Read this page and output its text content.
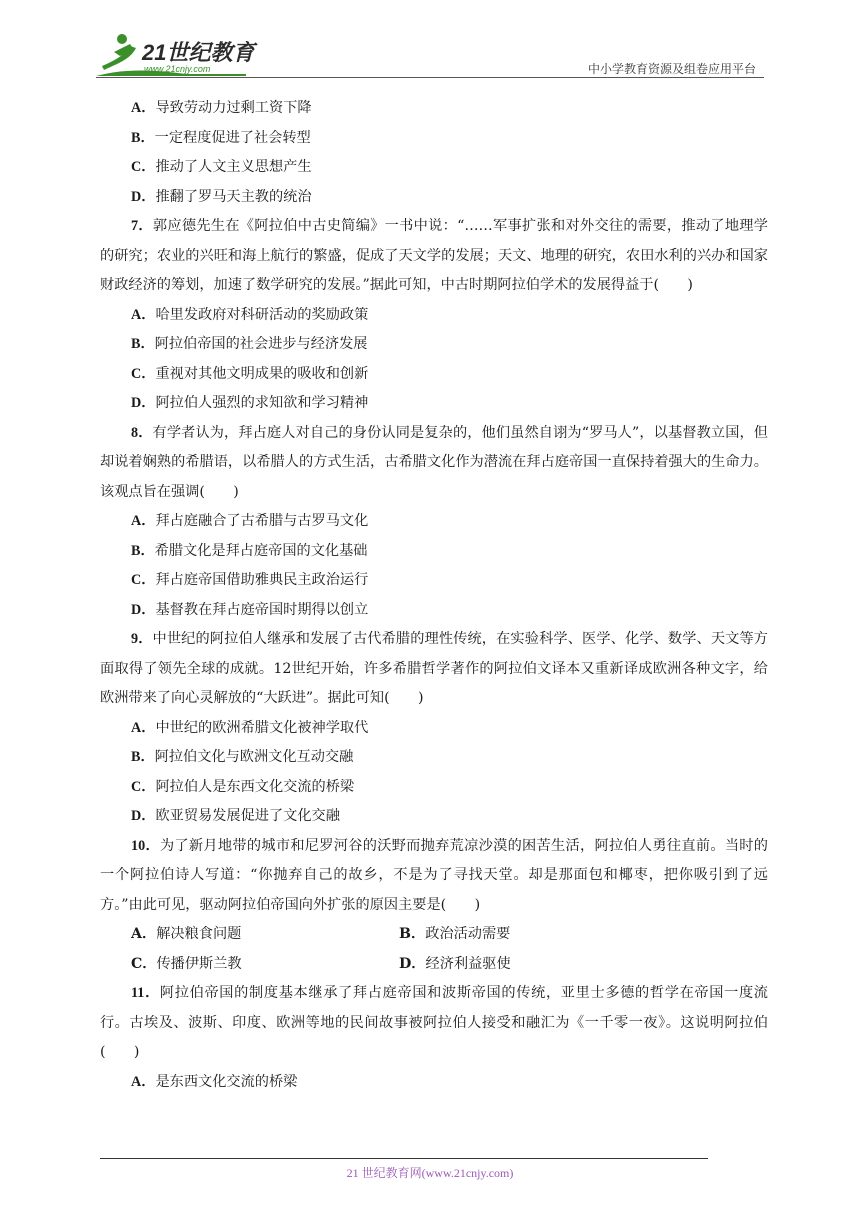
21世纪教育
www.21cnjy.com	中小学教育资源及组卷应用平台
A．导致劳动力过剩工资下降
B．一定程度促进了社会转型
C．推动了人文主义思想产生
D．推翻了罗马天主教的统治

7．郭应德先生在《阿拉伯中古史简编》一书中说：“……军事扩张和对外交往的需要，推动了地理学的研究；农业的兴旺和海上航行的繁盛，促成了天文学的发展；天文、地理的研究，农田水利的兴办和国家财政经济的筹划，加速了数学研究的发展。”据此可知，中古时期阿拉伯学术的发展得益于(　　)

A．哈里发政府对科研活动的奖励政策
B．阿拉伯帝国的社会进步与经济发展
C．重视对其他文明成果的吸收和创新
D．阿拉伯人强烈的求知欲和学习精神

8．有学者认为，拜占庭人对自己的身份认同是复杂的，他们虽然自诩为“罗马人”，以基督教立国，但却说着娴熟的希腊语，以希腊人的方式生活，古希腊文化作为潜流在拜占庭帝国一直保持着强大的生命力。该观点旨在强调(　　)

A．拜占庭融合了古希腊与古罗马文化
B．希腊文化是拜占庭帝国的文化基础
C．拜占庭帝国借助雅典民主政治运行
D．基督教在拜占庭帝国时期得以创立

9．中世纪的阿拉伯人继承和发展了古代希腊的理性传统，在实验科学、医学、化学、数学、天文等方面取得了领先全球的成就。12世纪开始，许多希腊哲学著作的阿拉伯文译本又重新译成欧洲各种文字，给欧洲带来了向心灵解放的“大跃进”。据此可知(　　)

A．中世纪的欧洲希腊文化被神学取代
B．阿拉伯文化与欧洲文化互动交融
C．阿拉伯人是东西文化交流的桥梁
D．欧亚贸易发展促进了文化交融

10．为了新月地带的城市和尼罗河谷的沃野而抛弃荒凉沙漠的困苦生活，阿拉伯人勇往直前。当时的一个阿拉伯诗人写道：“你抛弃自己的故乡，不是为了寻找天堂。却是那面包和椰枣，把你吸引到了远方。”由此可见，驱动阿拉伯帝国向外扩张的原因主要是(　　)

A．解决粮食问题	B．政治活动需要
C．传播伊斯兰教	D．经济利益驱使

11．阿拉伯帝国的制度基本继承了拜占庭帝国和波斯帝国的传统，亚里士多德的哲学在帝国一度流行。古埃及、波斯、印度、欧洲等地的民间故事被阿拉伯人接受和融汇为《一千零一夜》。这说明阿拉伯(　　)

A．是东西文化交流的桥梁
21 世纪教育网(www.21cnjy.com)
